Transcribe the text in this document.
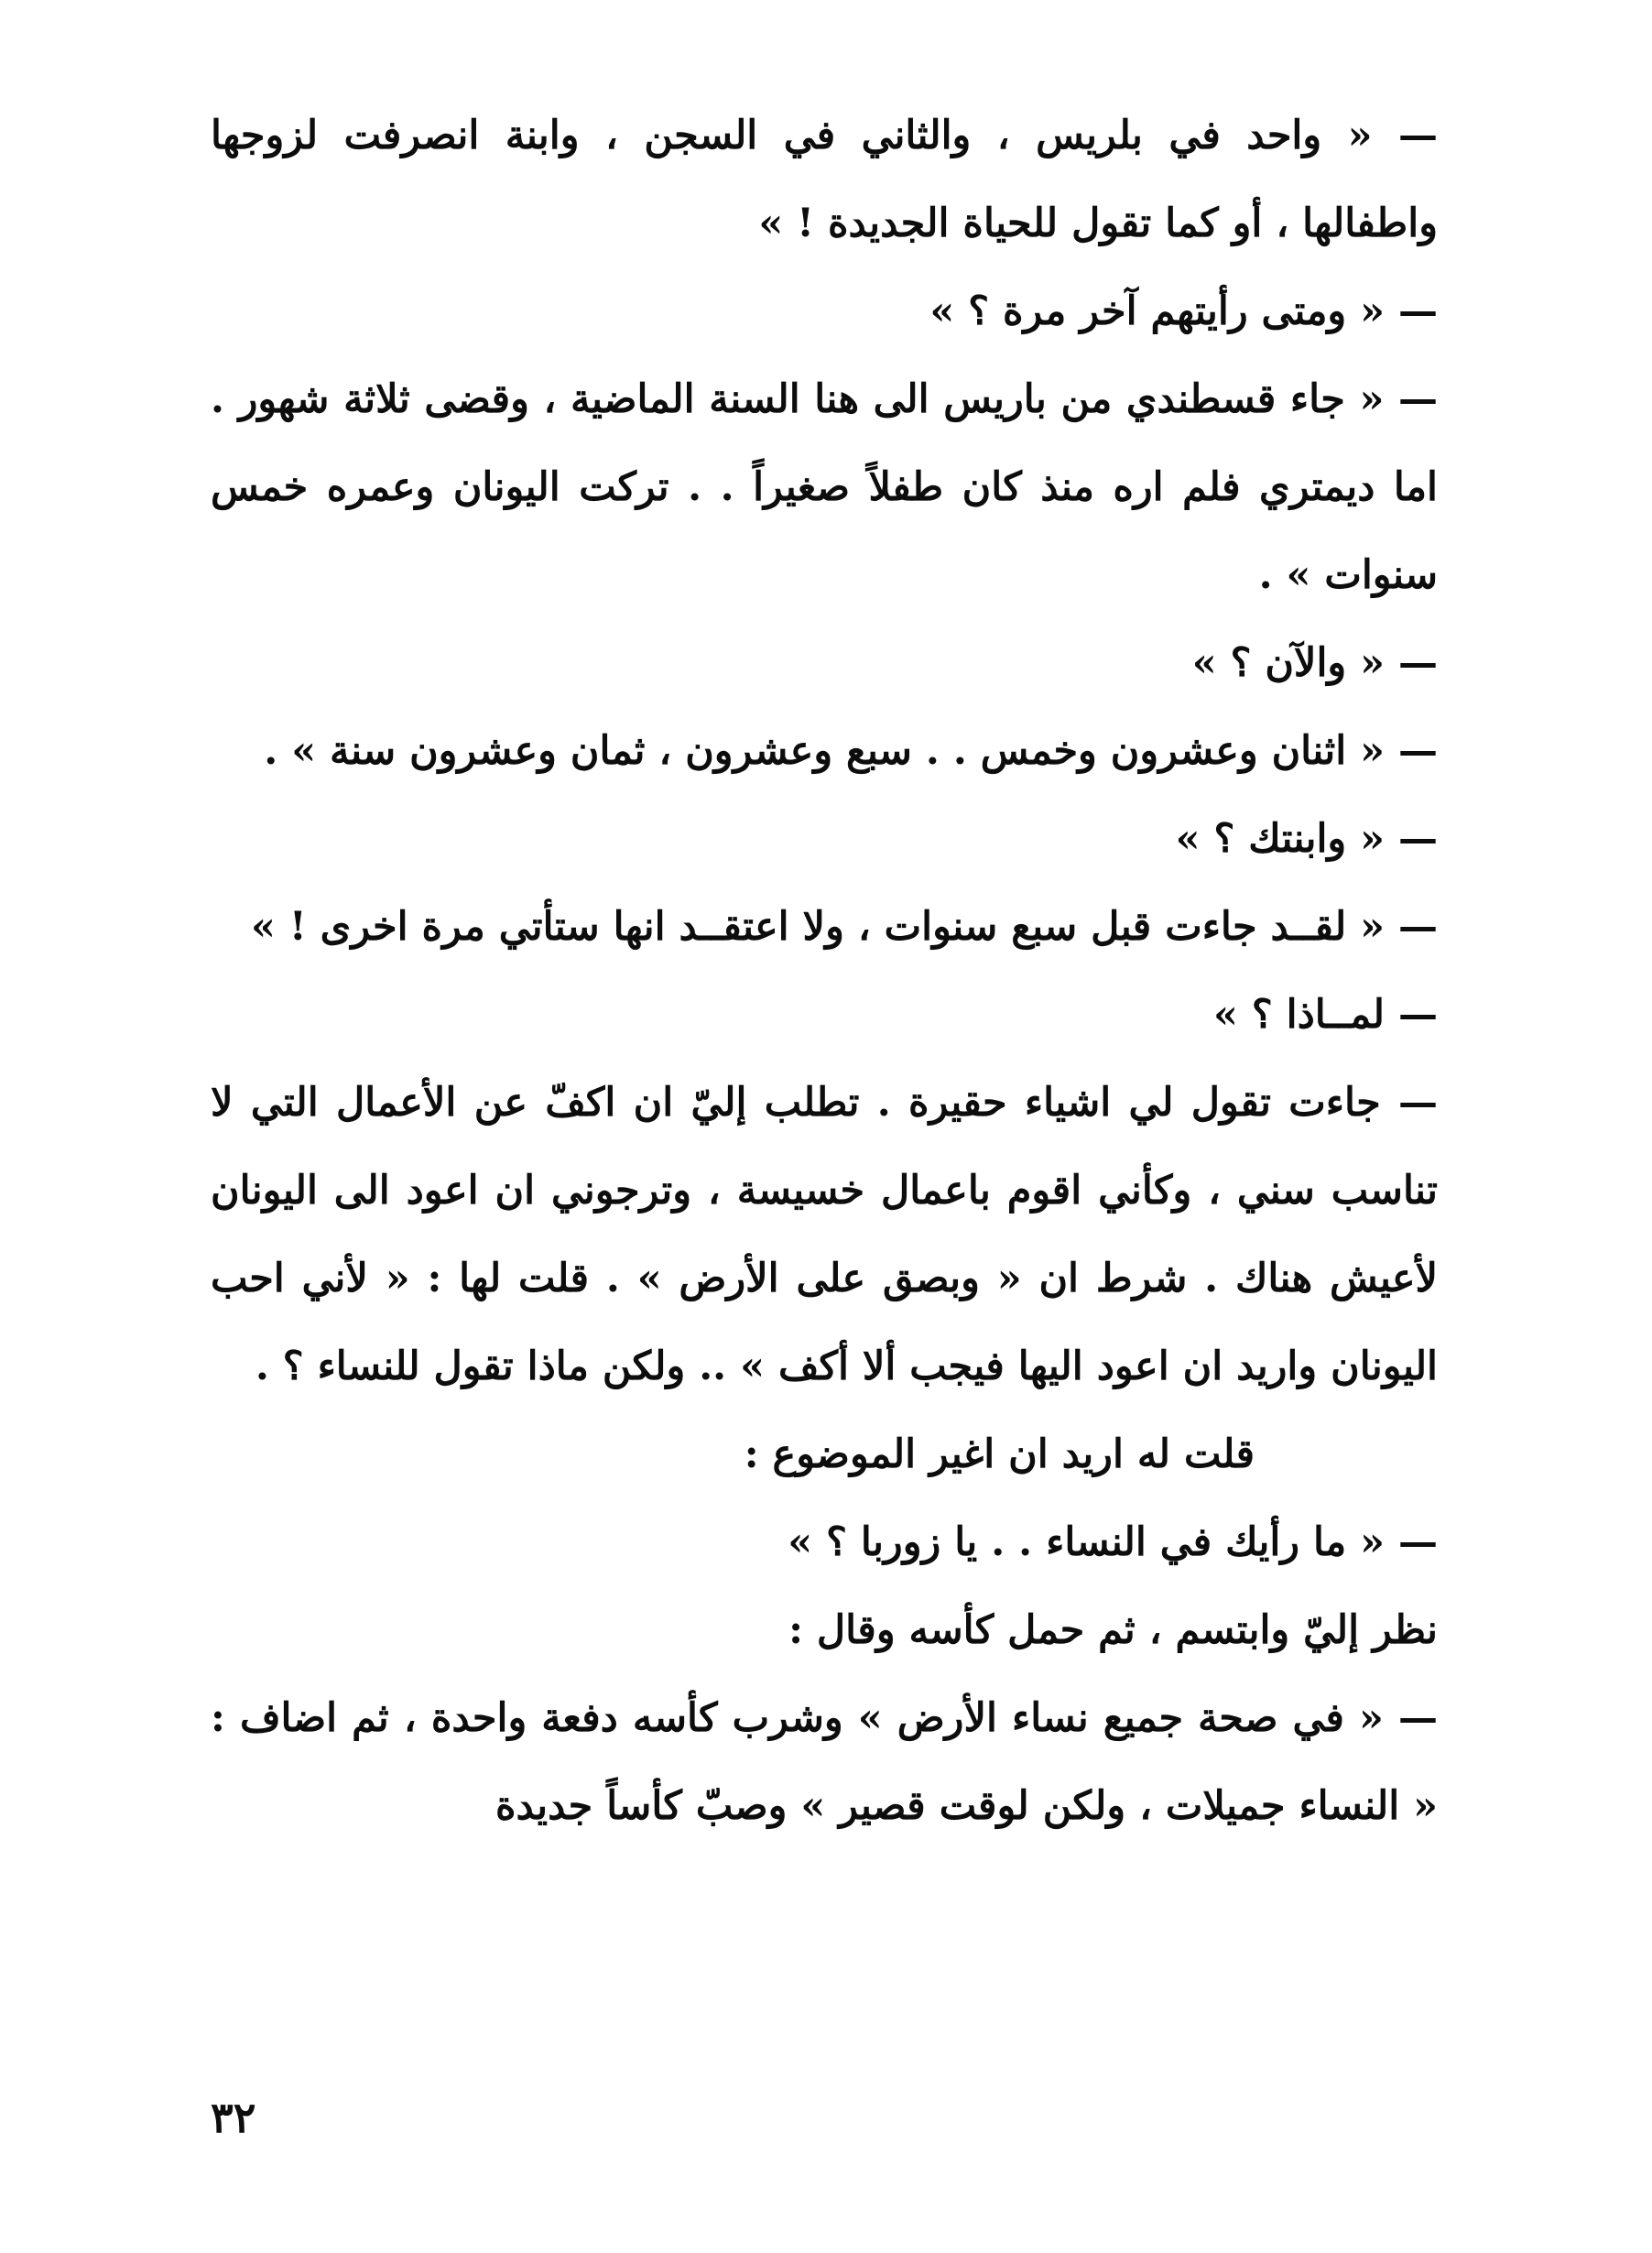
— « واحد في بلريس ، والثاني في السجن ، وابنة انصرفت لزوجها واطفالها ، أو كما تقول للحياة الجديدة ! »

— « ومتى رأيتهم آخر مرة ؟ »

— « جاء قسطندي من باريس الى هنا السنة الماضية ، وقضى ثلاثة شهور . اما ديمتري فلم اره منذ كان طفلاً صغيراً . . تركت اليونان وعمره خمس سنوات » .

— « والآن ؟ »

— « اثنان وعشرون وخمس . . سبع وعشرون ، ثمان وعشرون سنة » .

— « وابنتك ؟ »

— « لقــد جاءت قبل سبع سنوات ، ولا اعتقــد انها ستأتي مرة اخرى ! »

— لمــاذا ؟ »

— جاءت تقول لي اشياء حقيرة . تطلب إليّ ان اكفّ عن الأعمال التي لا تناسب سني ، وكأني اقوم باعمال خسيسة ، وترجوني ان اعود الى اليونان لأعيش هناك . شرط ان « وبصق على الأرض » . قلت لها : « لأني احب اليونان واريد ان اعود اليها فيجب ألا أكف » .. ولكن ماذا تقول للنساء ؟ .

قلت له اريد ان اغير الموضوع :

— « ما رأيك في النساء . . يا زوربا ؟ »

نظر إليّ وابتسم ، ثم حمل كأسه وقال :

— « في صحة جميع نساء الأرض » وشرب كأسه دفعة واحدة ، ثم اضاف : « النساء جميلات ، ولكن لوقت قصير » وصبّ كأساً جديدة

٣٢
